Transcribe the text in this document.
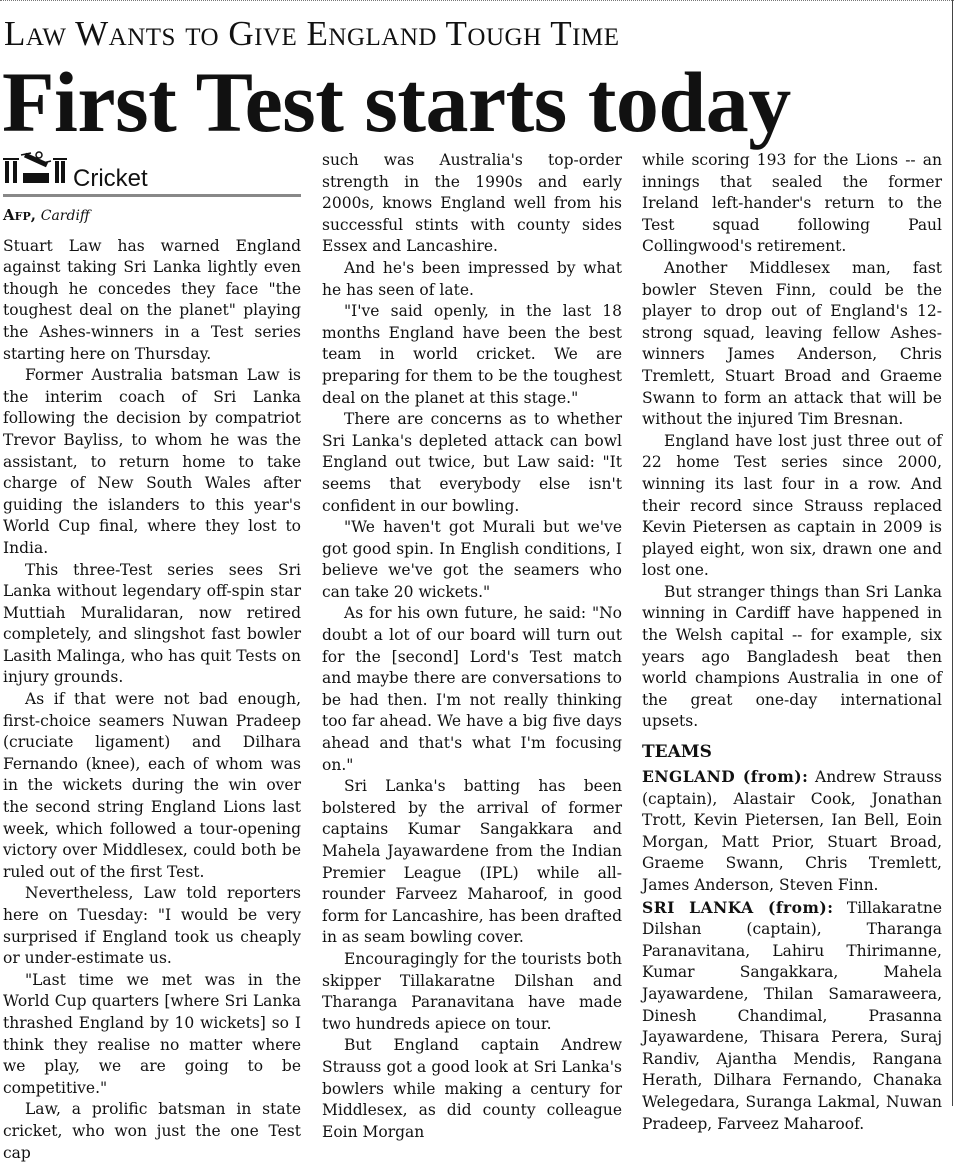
Law Wants to Give England Tough Time
First Test starts today
Cricket
Afp, Cardiff

Stuart Law has warned England against taking Sri Lanka lightly even though he concedes they face "the toughest deal on the planet" playing the Ashes-winners in a Test series starting here on Thursday.

Former Australia batsman Law is the interim coach of Sri Lanka following the decision by compatriot Trevor Bayliss, to whom he was the assistant, to return home to take charge of New South Wales after guiding the islanders to this year's World Cup final, where they lost to India.

This three-Test series sees Sri Lanka without legendary off-spin star Muttiah Muralidaran, now retired completely, and slingshot fast bowler Lasith Malinga, who has quit Tests on injury grounds.

As if that were not bad enough, first-choice seamers Nuwan Pradeep (cruciate ligament) and Dilhara Fernando (knee), each of whom was in the wickets during the win over the second string England Lions last week, which followed a tour-opening victory over Middlesex, could both be ruled out of the first Test.

Nevertheless, Law told reporters here on Tuesday: "I would be very surprised if England took us cheaply or under-estimate us.

"Last time we met was in the World Cup quarters [where Sri Lanka thrashed England by 10 wickets] so I think they realise no matter where we play, we are going to be competitive."

Law, a prolific batsman in state cricket, who won just the one Test cap

such was Australia's top-order strength in the 1990s and early 2000s, knows England well from his successful stints with county sides Essex and Lancashire.

And he's been impressed by what he has seen of late.

"I've said openly, in the last 18 months England have been the best team in world cricket. We are preparing for them to be the toughest deal on the planet at this stage."

There are concerns as to whether Sri Lanka's depleted attack can bowl England out twice, but Law said: "It seems that everybody else isn't confident in our bowling.

"We haven't got Murali but we've got good spin. In English conditions, I believe we've got the seamers who can take 20 wickets."

As for his own future, he said: "No doubt a lot of our board will turn out for the [second] Lord's Test match and maybe there are conversations to be had then. I'm not really thinking too far ahead. We have a big five days ahead and that's what I'm focusing on."

Sri Lanka's batting has been bolstered by the arrival of former captains Kumar Sangakkara and Mahela Jayawardene from the Indian Premier League (IPL) while all-rounder Farveez Maharoof, in good form for Lancashire, has been drafted in as seam bowling cover.

Encouragingly for the tourists both skipper Tillakaratne Dilshan and Tharanga Paranavitana have made two hundreds apiece on tour.

But England captain Andrew Strauss got a good look at Sri Lanka's bowlers while making a century for Middlesex, as did county colleague Eoin Morgan

while scoring 193 for the Lions -- an innings that sealed the former Ireland left-hander's return to the Test squad following Paul Collingwood's retirement.

Another Middlesex man, fast bowler Steven Finn, could be the player to drop out of England's 12-strong squad, leaving fellow Ashes-winners James Anderson, Chris Tremlett, Stuart Broad and Graeme Swann to form an attack that will be without the injured Tim Bresnan.

England have lost just three out of 22 home Test series since 2000, winning its last four in a row. And their record since Strauss replaced Kevin Pietersen as captain in 2009 is played eight, won six, drawn one and lost one.

But stranger things than Sri Lanka winning in Cardiff have happened in the Welsh capital -- for example, six years ago Bangladesh beat then world champions Australia in one of the great one-day international upsets.

TEAMS

ENGLAND (from): Andrew Strauss (captain), Alastair Cook, Jonathan Trott, Kevin Pietersen, Ian Bell, Eoin Morgan, Matt Prior, Stuart Broad, Graeme Swann, Chris Tremlett, James Anderson, Steven Finn.

SRI LANKA (from): Tillakaratne Dilshan (captain), Tharanga Paranavitana, Lahiru Thirimanne, Kumar Sangakkara, Mahela Jayawardene, Thilan Samaraweera, Dinesh Chandimal, Prasanna Jayawardene, Thisara Perera, Suraj Randiv, Ajantha Mendis, Rangana Herath, Dilhara Fernando, Chanaka Welegedara, Suranga Lakmal, Nuwan Pradeep, Farveez Maharoof.
